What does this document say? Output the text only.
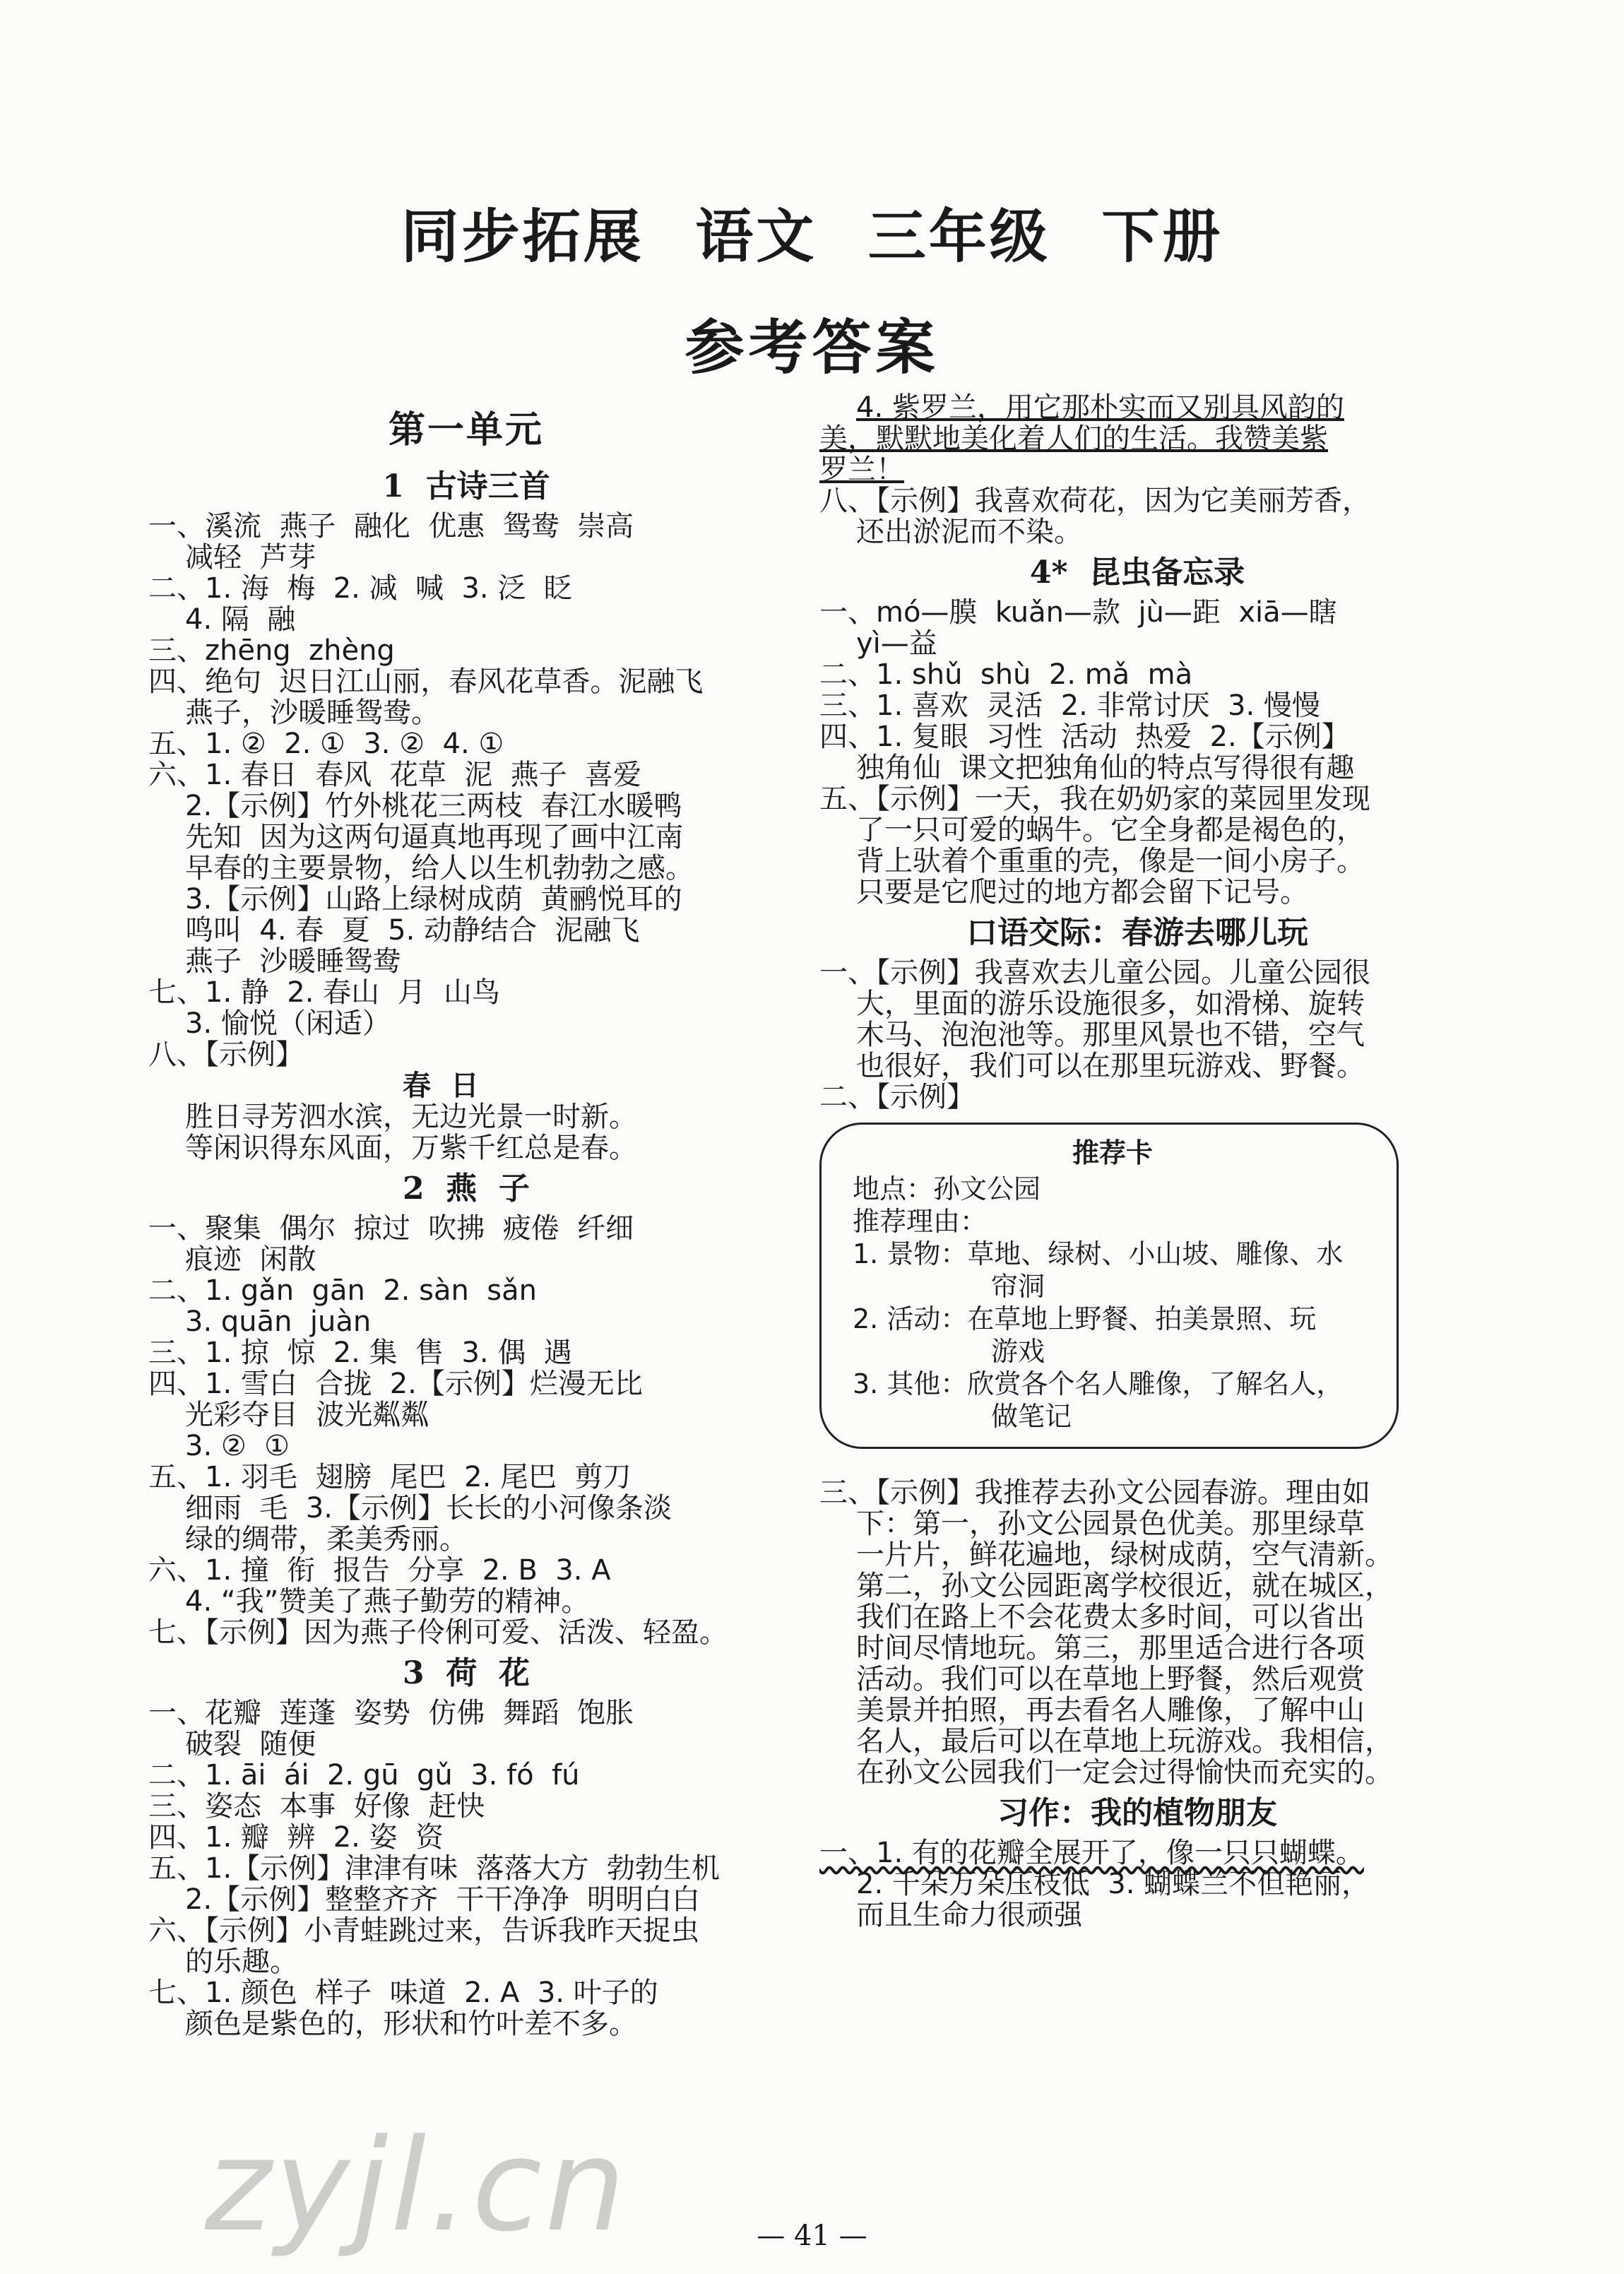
同步拓展 语文 三年级 下册
参考答案
第一单元
1  古诗三首
一、溪流  燕子  融化  优惠  鸳鸯  崇高
减轻  芦芽
二、1. 海  梅  2. 减  喊  3. 泛  眨
4. 隔  融
三、zhēng  zhèng
四、绝句  迟日江山丽，春风花草香。泥融飞
燕子，沙暖睡鸳鸯。
五、1. ②  2. ①  3. ②  4. ①
六、1. 春日  春风  花草  泥  燕子  喜爱
2.【示例】竹外桃花三两枝  春江水暖鸭
先知  因为这两句逼真地再现了画中江南
早春的主要景物，给人以生机勃勃之感。
3.【示例】山路上绿树成荫  黄鹂悦耳的
鸣叫  4. 春  夏  5. 动静结合  泥融飞
燕子  沙暖睡鸳鸯
七、1. 静  2. 春山  月  山鸟
3. 愉悦（闲适）
八、【示例】
春  日
胜日寻芳泗水滨，无边光景一时新。
等闲识得东风面，万紫千红总是春。
2  燕  子
一、聚集  偶尔  掠过  吹拂  疲倦  纤细
痕迹  闲散
二、1. gǎn  gān  2. sàn  sǎn
3. quān  juàn
三、1. 掠  惊  2. 集  售  3. 偶  遇
四、1. 雪白  合拢  2.【示例】烂漫无比
光彩夺目  波光粼粼
3. ②  ①
五、1. 羽毛  翅膀  尾巴  2. 尾巴  剪刀
细雨  毛  3.【示例】长长的小河像条淡
绿的绸带，柔美秀丽。
六、1. 撞  衔  报告  分享  2. B  3. A
4. “我”赞美了燕子勤劳的精神。
七、【示例】因为燕子伶俐可爱、活泼、轻盈。
3  荷  花
一、花瓣  莲蓬  姿势  仿佛  舞蹈  饱胀
破裂  随便
二、1. āi  ái  2. gū  gǔ  3. fó  fú
三、姿态  本事  好像  赶快
四、1. 瓣  辨  2. 姿  资
五、1.【示例】津津有味  落落大方  勃勃生机
2.【示例】整整齐齐  干干净净  明明白白
六、【示例】小青蛙跳过来，告诉我昨天捉虫
的乐趣。
七、1. 颜色  样子  味道  2. A  3. 叶子的
颜色是紫色的，形状和竹叶差不多。
4. 紫罗兰，用它那朴实而又别具风韵的
美，默默地美化着人们的生活。我赞美紫
罗兰！
八、【示例】我喜欢荷花，因为它美丽芳香，
还出淤泥而不染。
4*  昆虫备忘录
一、mó—膜  kuǎn—款  jù—距  xiā—瞎
yì—益
二、1. shǔ  shù  2. mǎ  mà
三、1. 喜欢  灵活  2. 非常讨厌  3. 慢慢
四、1. 复眼  习性  活动  热爱  2.【示例】
独角仙  课文把独角仙的特点写得很有趣
五、【示例】一天，我在奶奶家的菜园里发现
了一只可爱的蜗牛。它全身都是褐色的，
背上驮着个重重的壳，像是一间小房子。
只要是它爬过的地方都会留下记号。
口语交际：春游去哪儿玩
一、【示例】我喜欢去儿童公园。儿童公园很
大，里面的游乐设施很多，如滑梯、旋转
木马、泡泡池等。那里风景也不错，空气
也很好，我们可以在那里玩游戏、野餐。
二、【示例】
推荐卡
地点：孙文公园
推荐理由：
1. 景物：草地、绿树、小山坡、雕像、水
帘洞
2. 活动：在草地上野餐、拍美景照、玩
游戏
3. 其他：欣赏各个名人雕像，了解名人，
做笔记
三、【示例】我推荐去孙文公园春游。理由如
下：第一，孙文公园景色优美。那里绿草
一片片，鲜花遍地，绿树成荫，空气清新。
第二，孙文公园距离学校很近，就在城区，
我们在路上不会花费太多时间，可以省出
时间尽情地玩。第三，那里适合进行各项
活动。我们可以在草地上野餐，然后观赏
美景并拍照，再去看名人雕像，了解中山
名人，最后可以在草地上玩游戏。我相信，
在孙文公园我们一定会过得愉快而充实的。
习作：我的植物朋友
一、1. 有的花瓣全展开了，像一只只蝴蝶。
2. 千朵万朵压枝低  3. 蝴蝶兰不但艳丽，
而且生命力很顽强
zyjl.cn	— 41 —
